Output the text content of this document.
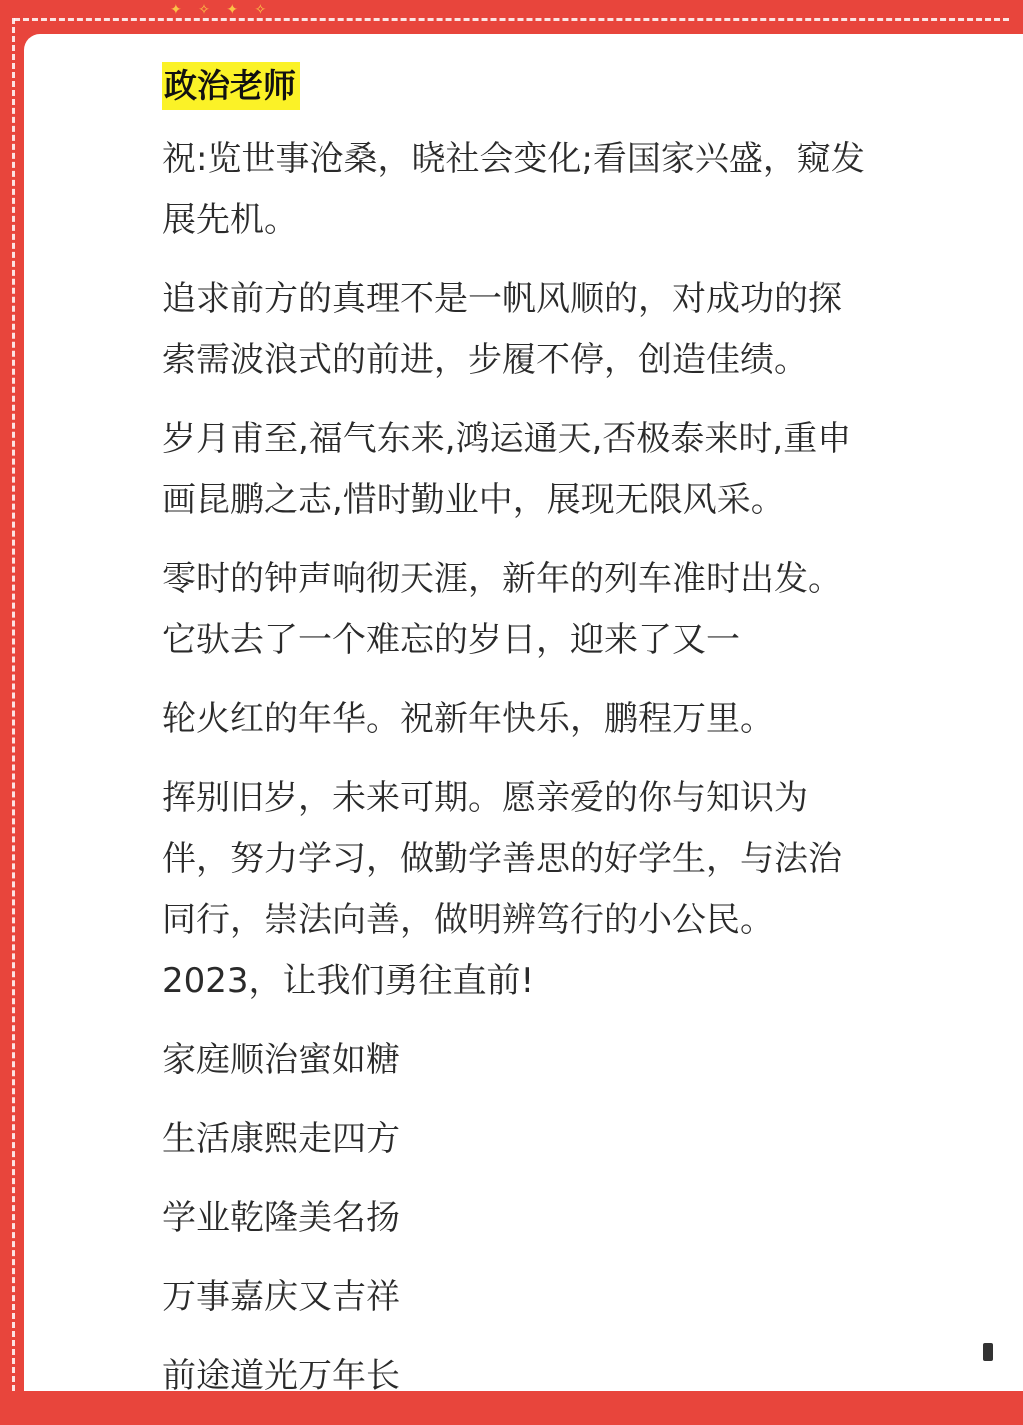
✦ ✧ ✦ ✧
政治老师
祝:览世事沧桑，晓社会变化;看国家兴盛，窥发
展先机。
追求前方的真理不是一帆风顺的，对成功的探
索需波浪式的前进，步履不停，创造佳绩。
岁月甫至,福气东来,鸿运通天,否极泰来时,重申
画昆鹏之志,惜时勤业中，展现无限风采。
零时的钟声响彻天涯，新年的列车准时出发。
它驮去了一个难忘的岁日，迎来了又一
轮火红的年华。祝新年快乐，鹏程万里。
挥别旧岁，未来可期。愿亲爱的你与知识为
伴，努力学习，做勤学善思的好学生，与法治
同行，崇法向善，做明辨笃行的小公民。
2023，让我们勇往直前!
家庭顺治蜜如糖
生活康熙走四方
学业乾隆美名扬
万事嘉庆又吉祥
前途道光万年长
